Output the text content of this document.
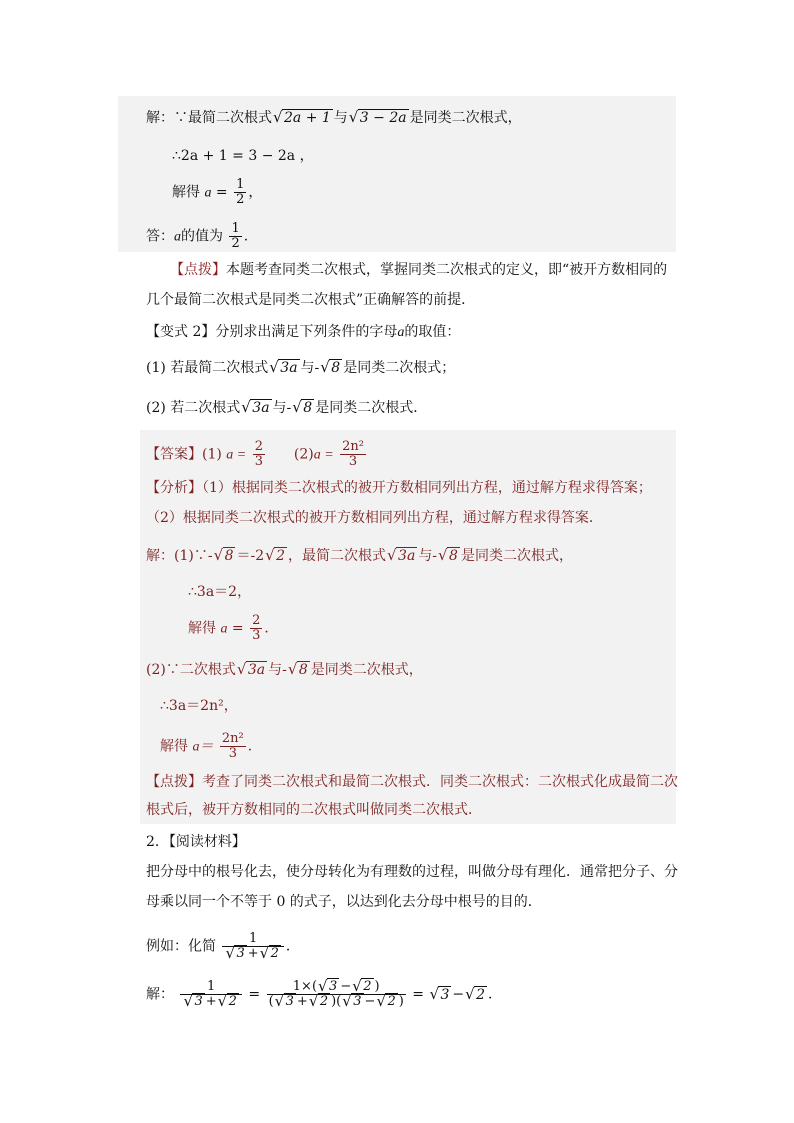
解：∵最简二次根式 √ 2a + 1 与 √ 3 − 2a 是同类二次根式，
∴2a + 1 = 3 − 2a ，
解得 $a = \frac{1}{2}$ ，
答：a的值为 $\frac{1}{2}$ .
【点拨】本题考查同类二次根式，掌握同类二次根式的定义，即“被开方数相同的
几个最简二次根式是同类二次根式”正确解答的前提．
【变式 2】分别求出满足下列条件的字母a的取值：
(1) 若最简二次根式 √ 3a 与- √ 8 是同类二次根式；
(2) 若二次根式 √ 3a 与- √ 8 是同类二次根式．
【答案】(1) $a = \frac{2}{3} (2)a = \frac{\text{2n²}}{3}$
【分析】（1）根据同类二次根式的被开方数相同列出方程，通过解方程求得答案；
（2）根据同类二次根式的被开方数相同列出方程，通过解方程求得答案．
解：(1)∵- √ 8 ＝-2 √ 2 ，最简二次根式 √ 3a 与- √ 8 是同类二次根式，
∴3a＝2，
解得 $a = \frac{2}{3}$ ．
(2)∵二次根式 √ 3a 与- √ 8 是同类二次根式，
∴3a＝2n²，
解得 $a= \frac{\text{2n²}}{3}$ ．
【点拨】考查了同类二次根式和最简二次根式．同类二次根式：二次根式化成最简二次
根式后，被开方数相同的二次根式叫做同类二次根式．
2．【阅读材料】
把分母中的根号化去，使分母转化为有理数的过程，叫做分母有理化．通常把分子、分
母乘以同一个不等于 0 的式子，以达到化去分母中根号的目的．
例如：化简 1
√ 3 + √ 2 ．
解： 1
√ 3 + √ $2 = \frac{1\times( √ 3 - √ 2 )}{( √ 3 + √ 2 )( √ 3 - √ 2 )}$ = √ 3 − √ 2 ．
